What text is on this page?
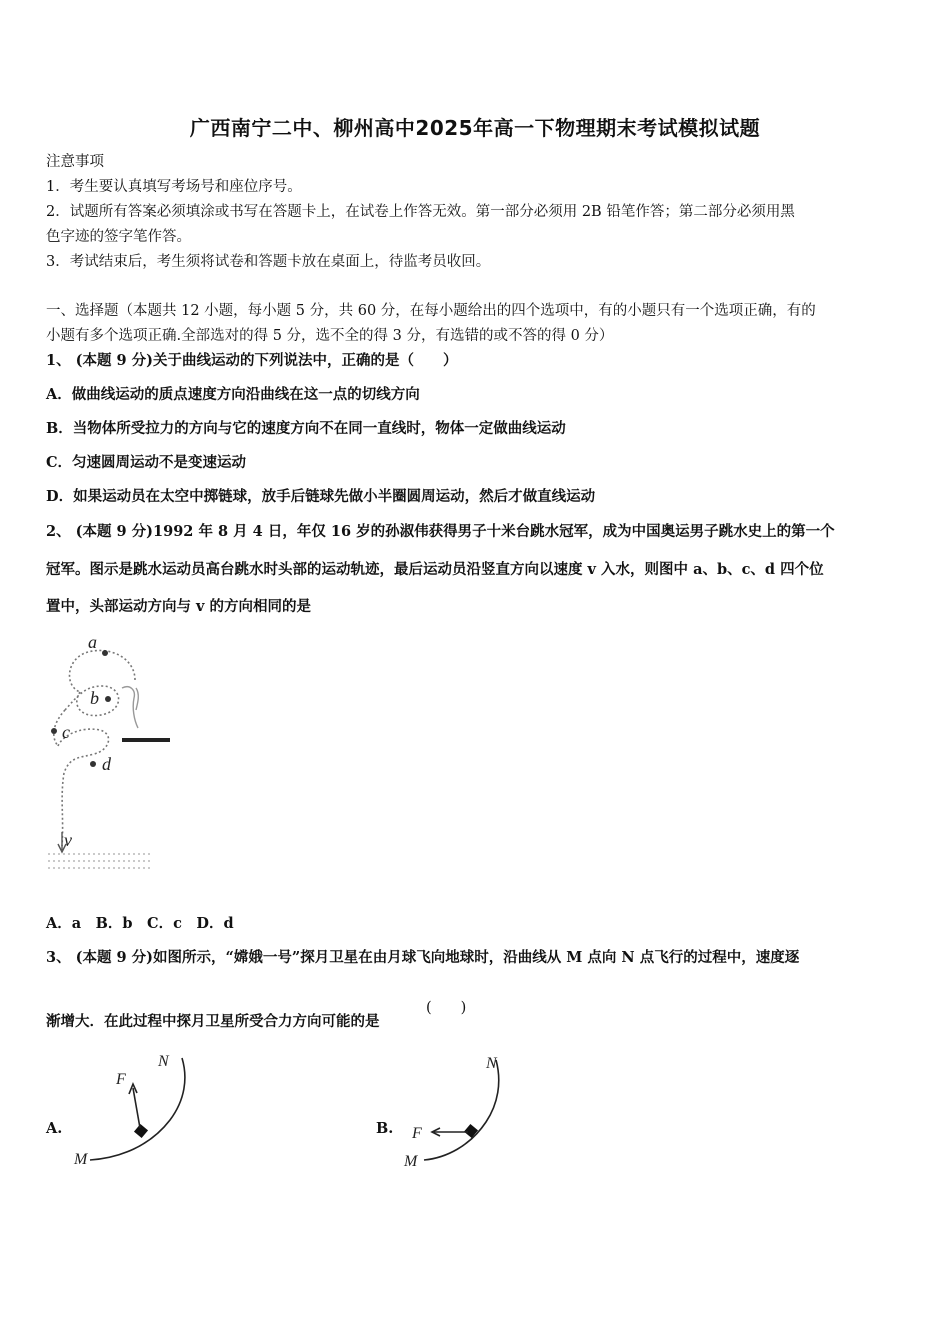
广西南宁二中、柳州高中2025年高一下物理期末考试模拟试题
注意事项
1．考生要认真填写考场号和座位序号。
2．试题所有答案必须填涂或书写在答题卡上，在试卷上作答无效。第一部分必须用 2B 铅笔作答；第二部分必须用黑
色字迹的签字笔作答。
3．考试结束后，考生须将试卷和答题卡放在桌面上，待监考员收回。
一、选择题（本题共 12 小题，每小题 5 分，共 60 分，在每小题给出的四个选项中，有的小题只有一个选项正确，有的
小题有多个选项正确.全部选对的得 5 分，选不全的得 3 分，有选错的或不答的得 0 分）
1、 (本题 9 分)关于曲线运动的下列说法中，正确的是（　　）
A．做曲线运动的质点速度方向沿曲线在这一点的切线方向
B．当物体所受拉力的方向与它的速度方向不在同一直线时，物体一定做曲线运动
C．匀速圆周运动不是变速运动
D．如果运动员在太空中掷链球，放手后链球先做小半圈圆周运动，然后才做直线运动
2、 (本题 9 分)1992 年 8 月 4 日，年仅 16 岁的孙淑伟获得男子十米台跳水冠军，成为中国奥运男子跳水史上的第一个
冠军。图示是跳水运动员高台跳水时头部的运动轨迹，最后运动员沿竖直方向以速度 v 入水，则图中 a、b、c、d 四个位
置中，头部运动方向与 v 的方向相同的是
a
b
c
d
v
A．a　B．b　C．c　D．d
3、 (本题 9 分)如图所示，“嫦娥一号”探月卫星在由月球飞向地球时，沿曲线从 M 点向 N 点飞行的过程中，速度逐
渐增大．在此过程中探月卫星所受合力方向可能的是
(　　)
A.
F
N
M
B.
N
F
M
